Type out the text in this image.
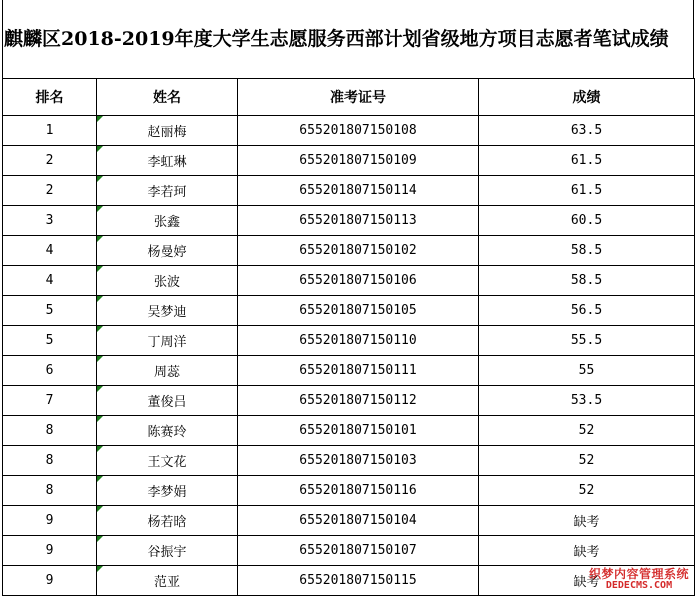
麒麟区2018-2019年度大学生志愿服务西部计划省级地方项目志愿者笔试成绩
排名	姓名	准考证号	成绩
1	赵丽梅	655201807150108	63.5
2	李虹琳	655201807150109	61.5
2	李若珂	655201807150114	61.5
3	张鑫	655201807150113	60.5
4	杨曼婷	655201807150102	58.5
4	张波	655201807150106	58.5
5	吴梦迪	655201807150105	56.5
5	丁周洋	655201807150110	55.5
6	周蕊	655201807150111	55
7	董俊吕	655201807150112	53.5
8	陈赛玲	655201807150101	52
8	王文花	655201807150103	52
8	李梦娟	655201807150116	52
9	杨若晗	655201807150104	缺考
9	谷振宇	655201807150107	缺考
9	范亚	655201807150115	缺考
织梦内容管理系统
DEDECMS.COM
